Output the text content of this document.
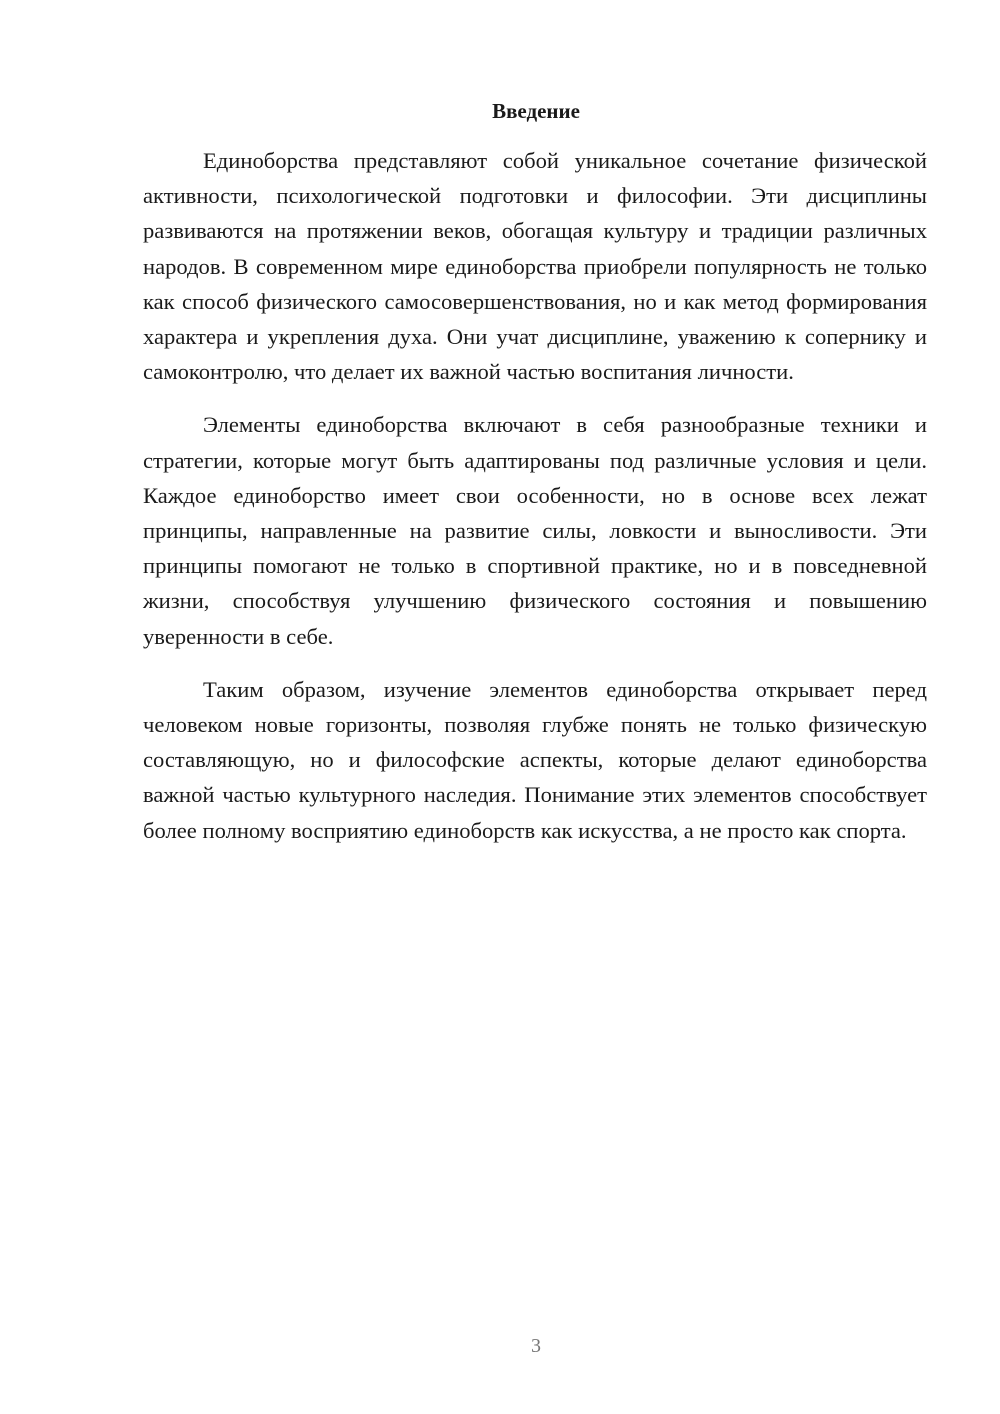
Введение

Единоборства представляют собой уникальное сочетание физической активности, психологической подготовки и философии. Эти дисциплины развиваются на протяжении веков, обогащая культуру и традиции различных народов. В современном мире единоборства приобрели популярность не только как способ физического самосовершенствования, но и как метод формирования характера и укрепления духа. Они учат дисциплине, уважению к сопернику и самоконтролю, что делает их важной частью воспитания личности.

Элементы единоборства включают в себя разнообразные техники и стратегии, которые могут быть адаптированы под различные условия и цели. Каждое единоборство имеет свои особенности, но в основе всех лежат принципы, направленные на развитие силы, ловкости и выносливости. Эти принципы помогают не только в спортивной практике, но и в повседневной жизни, способствуя улучшению физического состояния и повышению уверенности в себе.

Таким образом, изучение элементов единоборства открывает перед человеком новые горизонты, позволяя глубже понять не только физическую составляющую, но и философские аспекты, которые делают единоборства важной частью культурного наследия. Понимание этих элементов способствует более полному восприятию единоборств как искусства, а не просто как спорта.

3
